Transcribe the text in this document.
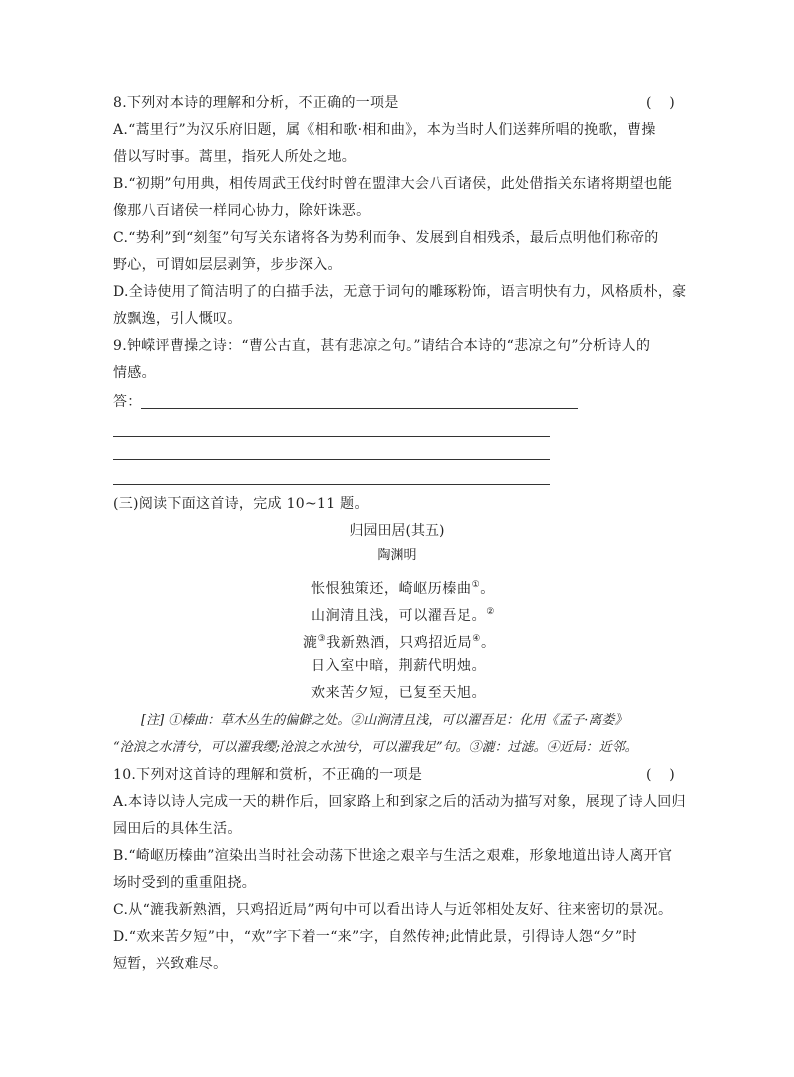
8.下列对本诗的理解和分析，不正确的一项是	(    )
A.“蒿里行”为汉乐府旧题，属《相和歌·相和曲》，本为当时人们送葬所唱的挽歌，曹操
借以写时事。蒿里，指死人所处之地。
B.“初期”句用典，相传周武王伐纣时曾在盟津大会八百诸侯，此处借指关东诸将期望也能
像那八百诸侯一样同心协力，除奸诛恶。
C.“势利”到“刻玺”句写关东诸将各为势利而争、发展到自相残杀，最后点明他们称帝的
野心，可谓如层层剥笋，步步深入。
D.全诗使用了简洁明了的白描手法，无意于词句的雕琢粉饰，语言明快有力，风格质朴，豪
放飘逸，引人慨叹。
9.钟嵘评曹操之诗：“曹公古直，甚有悲凉之句。”请结合本诗的“悲凉之句”分析诗人的
情感。
答：
(三)阅读下面这首诗，完成 10~11 题。
归园田居(其五)
陶渊明
怅恨独策还，崎岖历榛曲①。
山涧清且浅，可以濯吾足。②
漉③我新熟酒，只鸡招近局④。
日入室中暗，荆薪代明烛。
欢来苦夕短，已复至天旭。
[注] ①榛曲：草木丛生的偏僻之处。②山涧清且浅，可以濯吾足：化用《孟子·离娄》
“沧浪之水清兮，可以濯我缨;沧浪之水浊兮，可以濯我足”句。③漉：过滤。④近局：近邻。
10.下列对这首诗的理解和赏析，不正确的一项是	(    )
A.本诗以诗人完成一天的耕作后，回家路上和到家之后的活动为描写对象，展现了诗人回归
园田后的具体生活。
B.“崎岖历榛曲”渲染出当时社会动荡下世途之艰辛与生活之艰难，形象地道出诗人离开官
场时受到的重重阻挠。
C.从“漉我新熟酒，只鸡招近局”两句中可以看出诗人与近邻相处友好、往来密切的景况。
D.“欢来苦夕短”中，“欢”字下着一“来”字，自然传神;此情此景，引得诗人怨“夕”时
短暂，兴致难尽。
